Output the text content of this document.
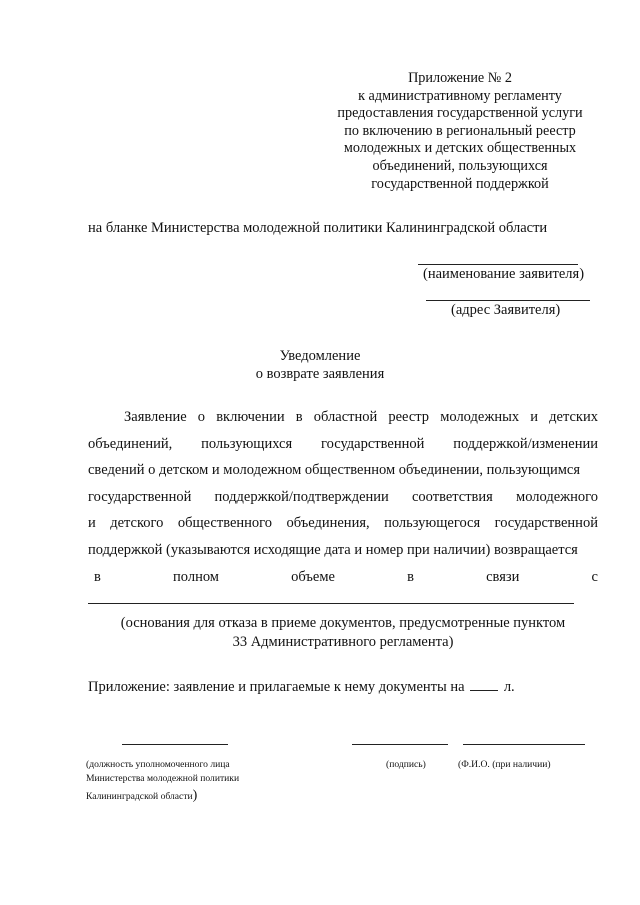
Приложение № 2
к административному регламенту
предоставления государственной услуги
по включению в региональный реестр
молодежных и детских общественных
объединений, пользующихся
государственной поддержкой
на бланке Министерства молодежной политики Калининградской области
(наименование заявителя)
(адрес Заявителя)
Уведомление
о возврате заявления
Заявление о включении в областной реестр молодежных и детских
объединений, пользующихся государственной поддержкой/изменении
сведений о детском и молодежном общественном объединении, пользующимся
государственной поддержкой/подтверждении соответствия молодежного
и детского общественного объединения, пользующегося государственной
поддержкой (указываются исходящие дата и номер при наличии) возвращается
в	полном	объеме	в	связи	с
(основания для отказа в приеме документов, предусмотренные пунктом
33 Административного регламента)
Приложение: заявление и прилагаемые к нему документы на	л.
(должность уполномоченного лица
Министерства молодежной политики
Калининградской области)
(подпись)	(Ф.И.О. (при наличии)
